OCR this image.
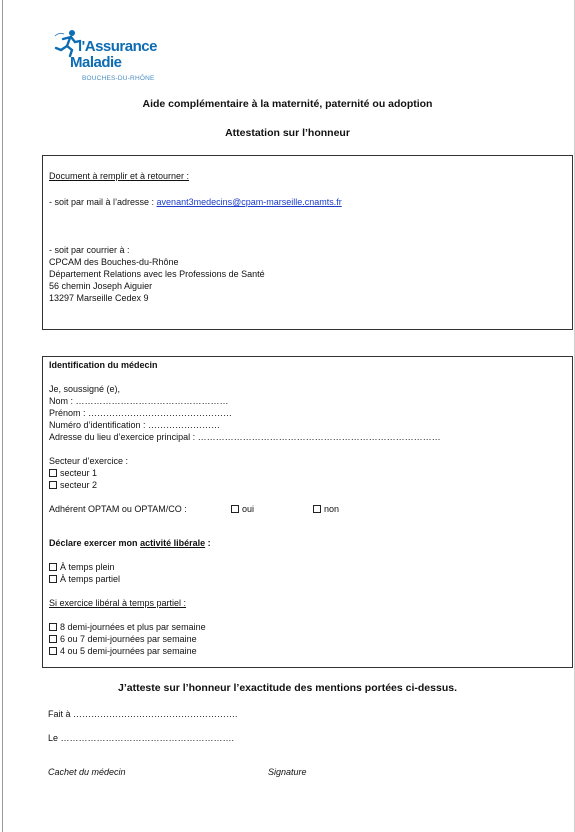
l'Assurance
Maladie
BOUCHES-DU-RHÔNE
Aide complémentaire à la maternité, paternité ou adoption
Attestation sur l’honneur
Document à remplir et à retourner :
- soit par mail à l’adresse : avenant3medecins@cpam-marseille.cnamts.fr
- soit par courrier à :
CPCAM des Bouches-du-Rhône
Département Relations avec les Professions de Santé
56 chemin Joseph Aiguier
13297 Marseille Cedex 9
Identification du médecin
Je, soussigné (e),
Nom : ……………………………………………
Prénom : …………………………………………
Numéro d’identification : ……………………
Adresse du lieu d’exercice principal : ………………………………………………………………………
Secteur d’exercice :
secteur 1
secteur 2
Adhérent OPTAM ou OPTAM/CO :	oui	non
Déclare exercer mon activité libérale :
À temps plein
À temps partiel
Si exercice libéral à temps partiel :
8 demi-journées et plus par semaine
6 ou 7 demi-journées par semaine
4 ou 5 demi-journées par semaine
J’atteste sur l’honneur l’exactitude des mentions portées ci-dessus.
Fait à ……………………………………………….
Le ………………………………………………….
Cachet du médecin	Signature
